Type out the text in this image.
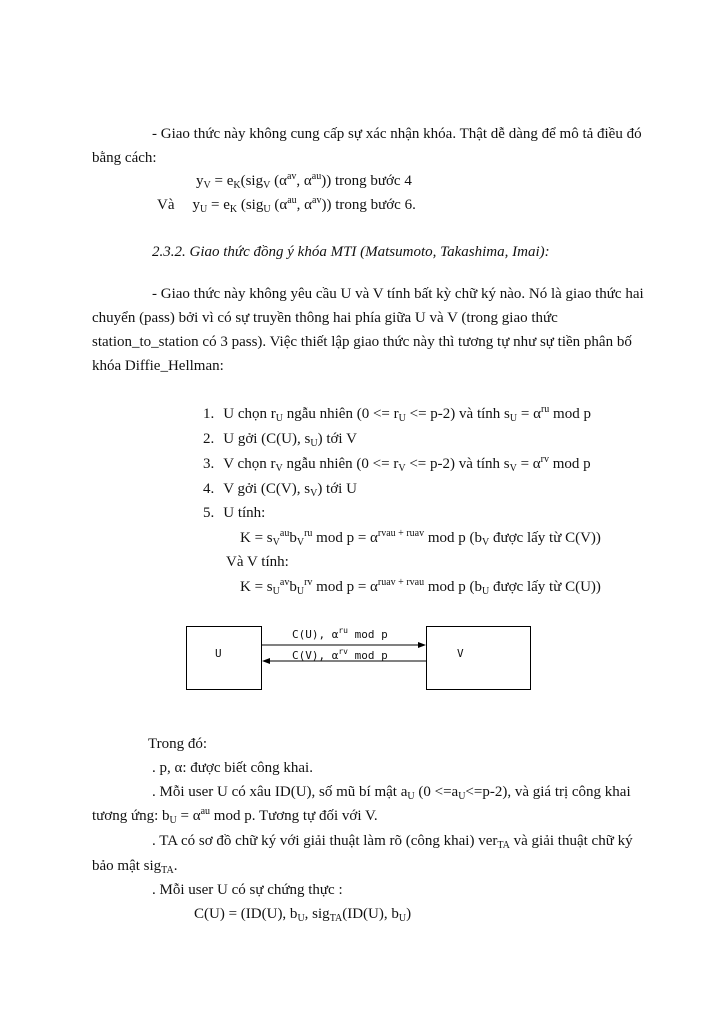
- Giao thức này không cung cấp sự xác nhận khóa. Thật dễ dàng để mô tả điều đó
bằng cách:
$y_V = e_K(sig_V$ ($\alpha^{av}$, $\alpha^{au}$)) trong bước 4
Và $y_U = e_K$ (sig$_U$ ($\alpha^{au}$, $\alpha^{av}$)) trong bước 6.
2.3.2. Giao thức đồng ý khóa MTI (Matsumoto, Takashima, Imai):
- Giao thức này không yêu cầu U và V tính bất kỳ chữ ký nào. Nó là giao thức hai
chuyển (pass) bởi vì có sự truyền thông hai phía giữa U và V (trong giao thức
station_to_station có 3 pass). Việc thiết lập giao thức này thì tương tự như sự tiền phân bố
khóa Diffie_Hellman:
1. U chọn $r_U$ ngẫu nhiên $(0 <= r_U <= p-2)$ và tính $s_U = \alpha^{ru}$ mod p
2. U gởi (C(U), $s_U$) tới V
3. V chọn $r_V$ ngẫu nhiên $(0 <= r_V <= p-2)$ và tính $s_V = \alpha^{rv}$ mod p
4. V gởi (C(V), $s_V$) tới U
5. U tính:
$K = s_V^{au}b_V^{ru}$ mod $p = \alpha^{rvau + ruav}$ mod p ($b_V$ được lấy từ C(V))
Và V tính:
$K = s_U^{av}b_U^{rv}$ mod $p = \alpha^{ruav + rvau}$ mod p ($b_U$ được lấy từ C(U))
U	V
C(U), $\alpha^{ru}$ mod p
C(V), $\alpha^{rv}$ mod p
Trong đó:
. p, α: được biết công khai.
. Mỗi user U có xâu ID(U), số mũ bí mật $a_U$ $(0 <=a_U<=p-2)$, và giá trị công khai
tương ứng: $b_U = \alpha^{au}$ mod p. Tương tự đối với V.
. TA có sơ đồ chữ ký với giải thuật làm rõ (công khai) ver$_{TA}$ và giải thuật chữ ký
bảo mật sig$_{TA}$.
. Mỗi user U có sự chứng thực :
C(U) = (ID(U), $b_U$, sig$_{TA}$(ID(U), $b_U$)
